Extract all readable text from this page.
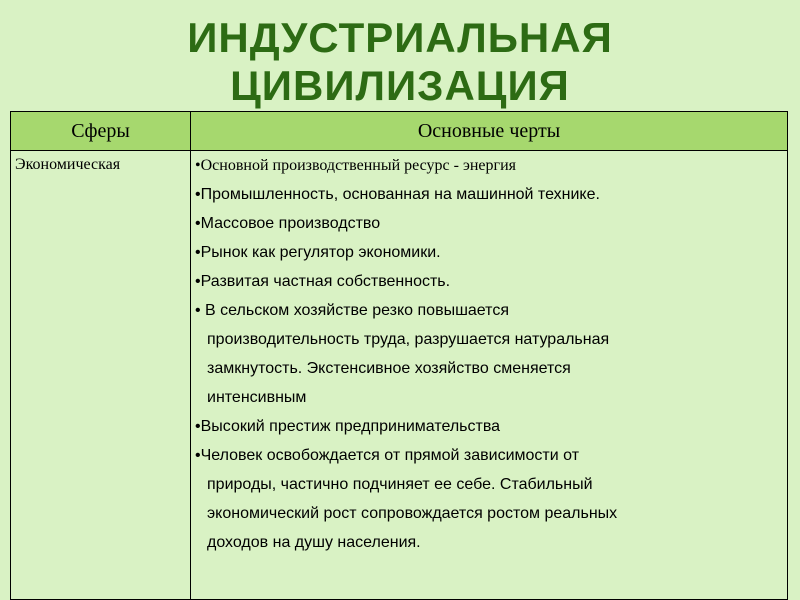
ИНДУСТРИАЛЬНАЯ
ЦИВИЛИЗАЦИЯ
Сферы	Основные черты
Экономическая	•Основной производственный ресурс - энергия

•Промышленность, основанная на машинной технике.

•Массовое производство

•Рынок как регулятор экономики.

•Развитая частная собственность.

• В сельском хозяйстве резко повышается
производительность труда, разрушается натуральная
замкнутость. Экстенсивное хозяйство сменяется
интенсивным

•Высокий престиж предпринимательства

•Человек освобождается от прямой зависимости от
природы, частично подчиняет ее себе. Стабильный
экономический рост сопровождается ростом реальных
доходов на душу населения.
